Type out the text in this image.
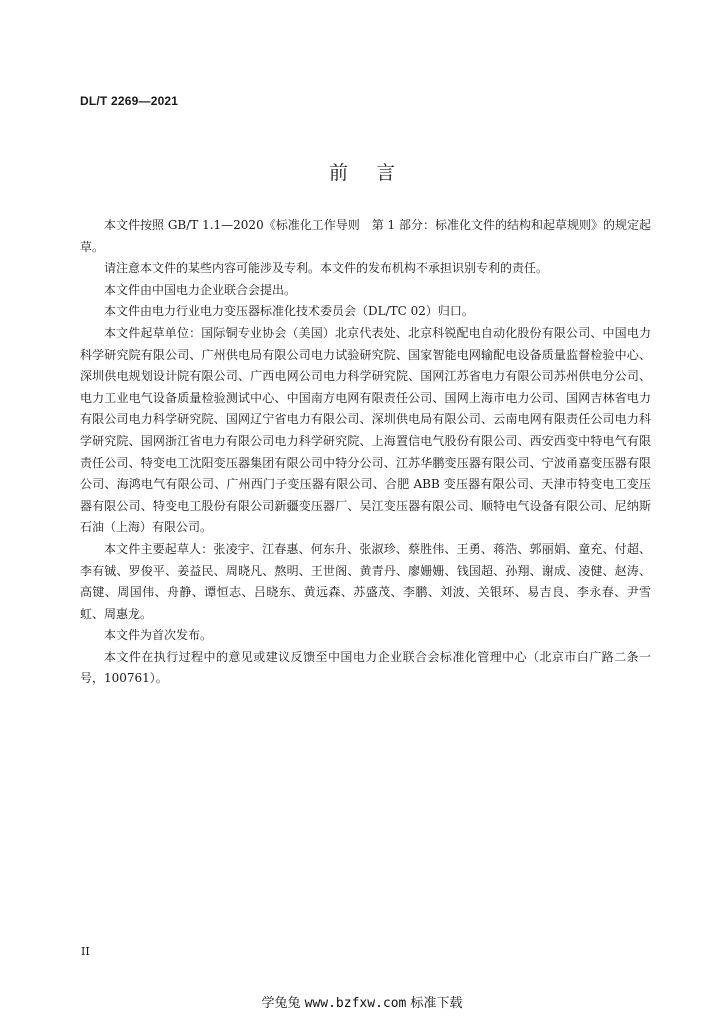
DL/T 2269—2021
前言

本文件按照 GB/T 1.1—2020《标准化工作导则　第 1 部分：标准化文件的结构和起草规则》的规定起草。

请注意本文件的某些内容可能涉及专利。本文件的发布机构不承担识别专利的责任。

本文件由中国电力企业联合会提出。

本文件由电力行业电力变压器标准化技术委员会（DL/TC 02）归口。

本文件起草单位：国际铜专业协会（美国）北京代表处、北京科锐配电自动化股份有限公司、中国电力科学研究院有限公司、广州供电局有限公司电力试验研究院、国家智能电网输配电设备质量监督检验中心、深圳供电规划设计院有限公司、广西电网公司电力科学研究院、国网江苏省电力有限公司苏州供电分公司、电力工业电气设备质量检验测试中心、中国南方电网有限责任公司、国网上海市电力公司、国网吉林省电力有限公司电力科学研究院、国网辽宁省电力有限公司、深圳供电局有限公司、云南电网有限责任公司电力科学研究院、国网浙江省电力有限公司电力科学研究院、上海置信电气股份有限公司、西安西变中特电气有限责任公司、特变电工沈阳变压器集团有限公司中特分公司、江苏华鹏变压器有限公司、宁波甬嘉变压器有限公司、海鸿电气有限公司、广州西门子变压器有限公司、合肥 ABB 变压器有限公司、天津市特变电工变压器有限公司、特变电工股份有限公司新疆变压器厂、吴江变压器有限公司、顺特电气设备有限公司、尼纳斯石油（上海）有限公司。

本文件主要起草人：张凌宇、江春惠、何东升、张淑珍、蔡胜伟、王勇、蒋浩、郭丽娟、童充、付超、李有铖、罗俊平、姜益民、周晓凡、熬明、王世阁、黄青丹、廖姗姗、钱国超、孙翔、谢成、凌健、赵涛、高键、周国伟、舟静、谭恒志、吕晓东、黄远森、苏盛茂、李鹏、刘波、关银环、易吉良、李永春、尹雪虹、周惠龙。

本文件为首次发布。

本文件在执行过程中的意见或建议反馈至中国电力企业联合会标准化管理中心（北京市白广路二条一号，100761）。

II
学兔兔 www.bzfxw.com 标准下载
